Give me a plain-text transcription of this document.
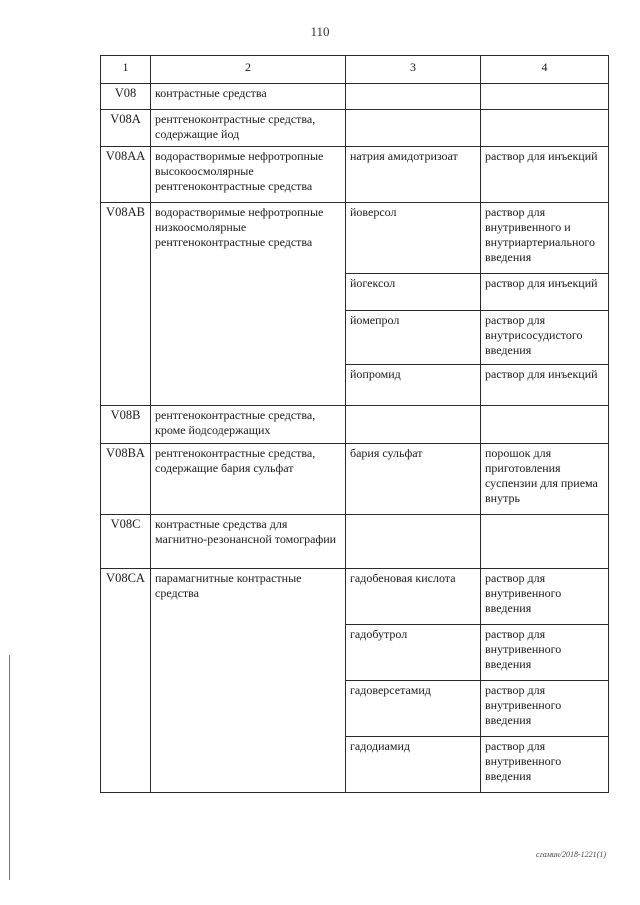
110
1	2	3	4
V08	контрастные средства		
V08A	рентгеноконтрастные средства, содержащие йод		
V08AA	водорастворимые нефротропные высокоосмолярные рентгеноконтрастные средства	натрия амидотризоат	раствор для инъекций
V08AB	водорастворимые нефротропные низкоосмолярные рентгеноконтрастные средства	йоверсол	раствор для внутривенного и внутриартериального введения
		йогексол	раствор для инъекций
		йомепрол	раствор для внутрисосудистого введения
		йопромид	раствор для инъекций
V08B	рентгеноконтрастные средства, кроме йодсодержащих		
V08BA	рентгеноконтрастные средства, содержащие бария сульфат	бария сульфат	порошок для приготовления суспензии для приема внутрь
V08C	контрастные средства для магнитно-резонансной томографии		
V08CA	парамагнитные контрастные средства	гадобеновая кислота	раствор для внутривенного введения
		гадобутрол	раствор для внутривенного введения
		гадоверсетамид	раствор для внутривенного введения
		гадодиамид	раствор для внутривенного введения
сгамин/2018-1221(1)
